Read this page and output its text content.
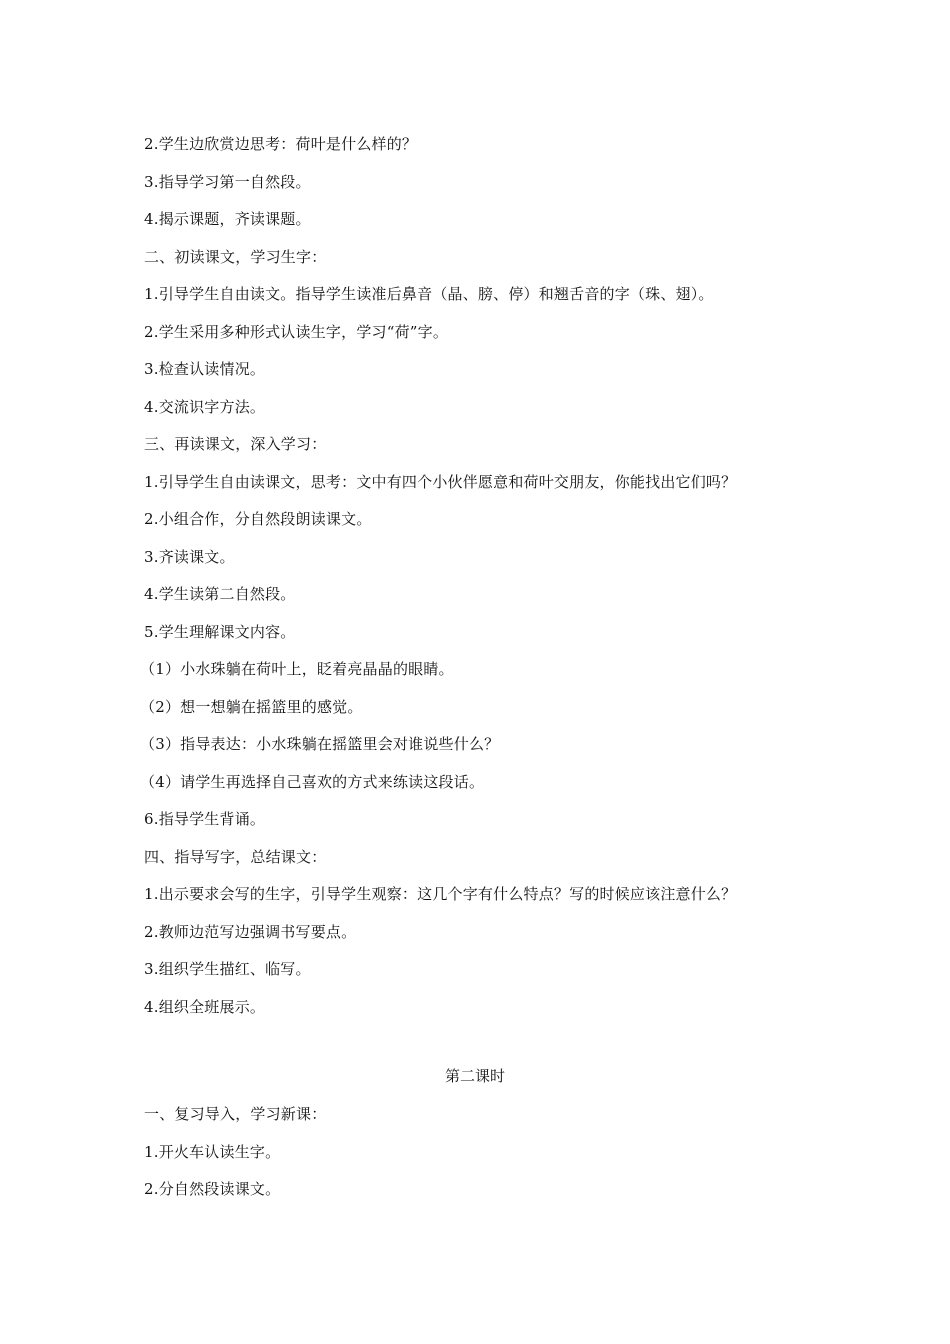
2.学生边欣赏边思考：荷叶是什么样的？
3.指导学习第一自然段。
4.揭示课题，齐读课题。
二、初读课文，学习生字：
1.引导学生自由读文。指导学生读准后鼻音（晶、膀、停）和翘舌音的字（珠、翅）。
2.学生采用多种形式认读生字，学习“荷”字。
3.检查认读情况。
4.交流识字方法。
三、再读课文，深入学习：
1.引导学生自由读课文，思考：文中有四个小伙伴愿意和荷叶交朋友，你能找出它们吗？
2.小组合作，分自然段朗读课文。
3.齐读课文。
4.学生读第二自然段。
5.学生理解课文内容。
（1）小水珠躺在荷叶上，眨着亮晶晶的眼睛。
（2）想一想躺在摇篮里的感觉。
（3）指导表达：小水珠躺在摇篮里会对谁说些什么？
（4）请学生再选择自己喜欢的方式来练读这段话。
6.指导学生背诵。
四、指导写字，总结课文：
1.出示要求会写的生字，引导学生观察：这几个字有什么特点？写的时候应该注意什么？
2.教师边范写边强调书写要点。
3.组织学生描红、临写。
4.组织全班展示。
第二课时
一、复习导入，学习新课：
1.开火车认读生字。
2.分自然段读课文。
